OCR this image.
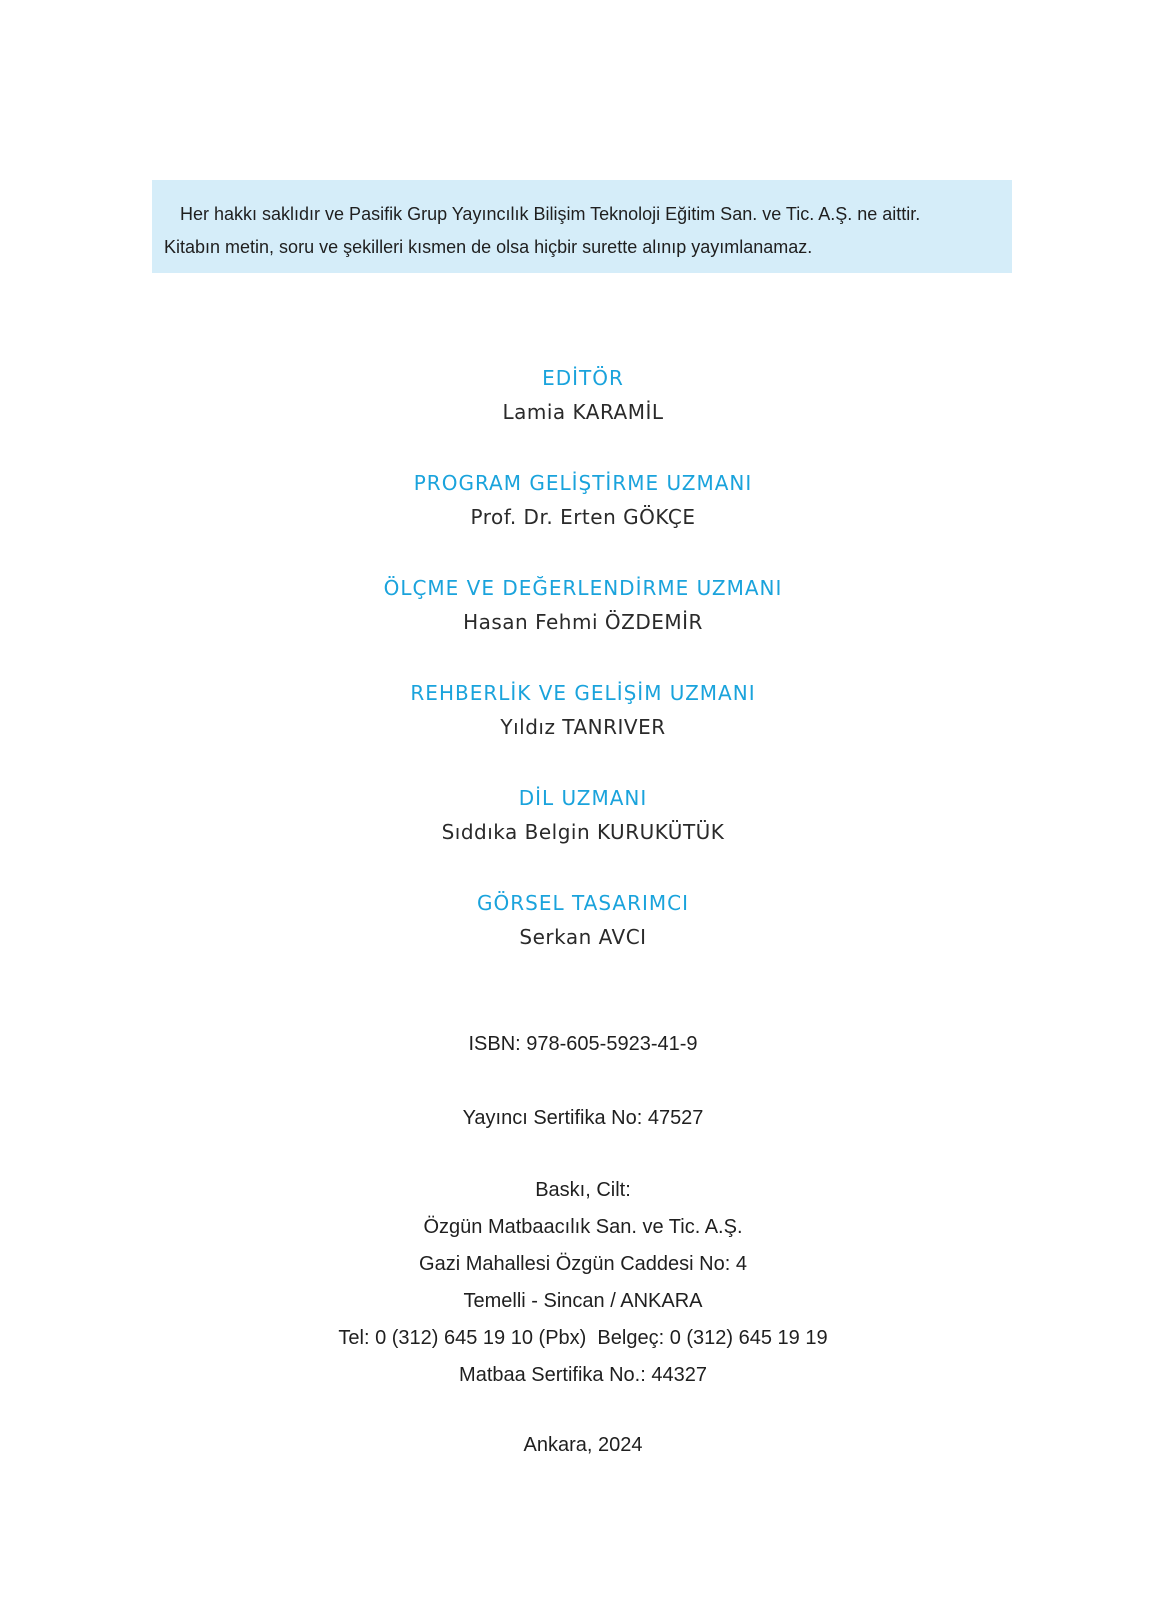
Her hakkı saklıdır ve Pasifik Grup Yayıncılık Bilişim Teknoloji Eğitim San. ve Tic. A.Ş. ne aittir.

Kitabın metin, soru ve şekilleri kısmen de olsa hiçbir surette alınıp yayımlanamaz.

EDİTÖR
Lamia KARAMİL
PROGRAM GELİŞTİRME UZMANI
Prof. Dr. Erten GÖKÇE
ÖLÇME VE DEĞERLENDİRME UZMANI
Hasan Fehmi ÖZDEMİR
REHBERLİK VE GELİŞİM UZMANI
Yıldız TANRIVER
DİL UZMANI
Sıddıka Belgin KURUKÜTÜK
GÖRSEL TASARIMCI
Serkan AVCI
ISBN: 978-605-5923-41-9
Yayıncı Sertifika No: 47527

Baskı, Cilt:

Özgün Matbaacılık San. ve Tic. A.Ş.

Gazi Mahallesi Özgün Caddesi No: 4

Temelli - Sincan / ANKARA

Tel: 0 (312) 645 19 10 (Pbx)  Belgeç: 0 (312) 645 19 19

Matbaa Sertifika No.: 44327

Ankara, 2024
